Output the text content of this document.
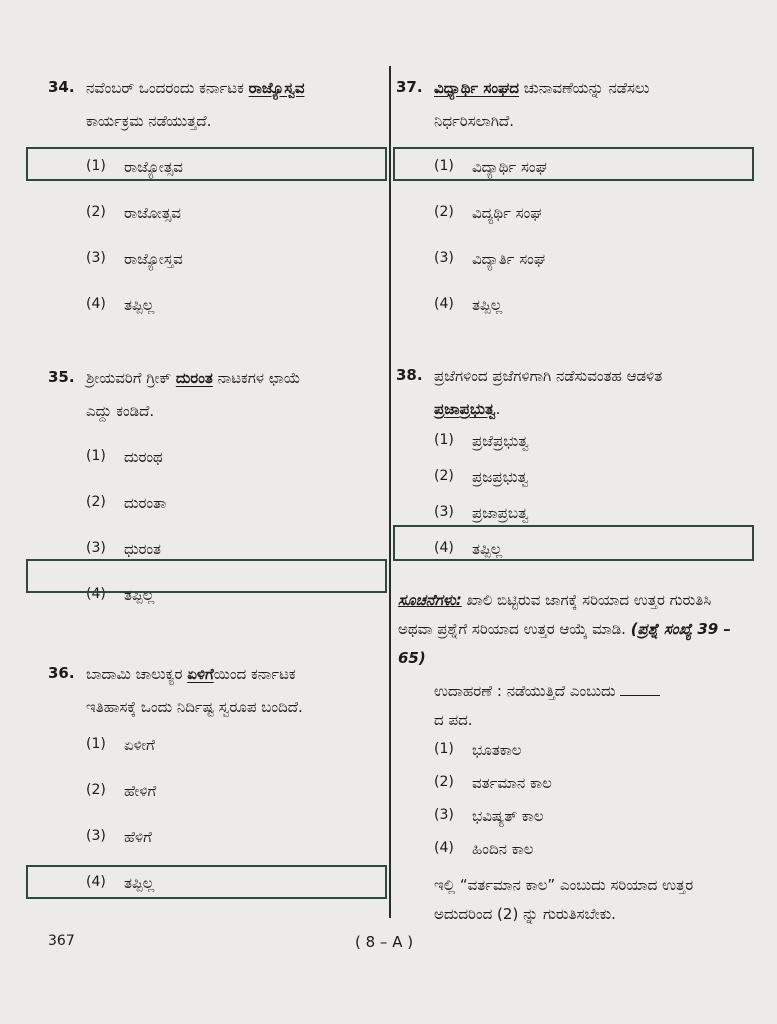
34. ನವೆಂಬರ್ ಒಂದರಂದು ಕರ್ನಾಟಕ ರಾಜ್ಯೊಸ್ವವ
ಕಾರ್ಯಕ್ರಮ ನಡೆಯುತ್ತದೆ.
(1) ರಾಜ್ಯೋತ್ಸವ
(2) ರಾಜೋತ್ಸವ
(3) ರಾಜ್ಯೋಸ್ತವ
(4) ತಪ್ಪಿಲ್ಲ
35. ಶ್ರೀಯವರಿಗೆ ಗ್ರೀಕ್ ದುರಂತ ನಾಟಕಗಳ ಛಾಯೆ
ಎದ್ದು ಕಂಡಿದೆ.
(1) ದುರಂಥ
(2) ದುರಂತಾ
(3) ಧುರಂತ
(4) ತಪ್ಪಿಲ್ಲ
36. ಬಾದಾಮಿ ಚಾಲುಕ್ಯರ ಏಳಿಗೆಯಿಂದ ಕರ್ನಾಟಕ
ಇತಿಹಾಸಕ್ಕೆ ಒಂದು ನಿರ್ದಿಷ್ಟ ಸ್ವರೂಪ ಬಂದಿದೆ.
(1) ಏಳೀಗೆ
(2) ಹೇಳಿಗೆ
(3) ಹೆಳಿಗೆ
(4) ತಪ್ಪಿಲ್ಲ
37. ವಿಧ್ಯಾರ್ಥಿ ಸಂಘದ ಚುನಾವಣೆಯನ್ನು ನಡೆಸಲು
ನಿರ್ಧರಿಸಲಾಗಿದೆ.
(1) ವಿದ್ಯಾರ್ಥಿ ಸಂಘ
(2) ವಿದ್ಯರ್ಥಿ ಸಂಘ
(3) ವಿದ್ಯಾರ್ತಿ ಸಂಘ
(4) ತಪ್ಪಿಲ್ಲ
38. ಪ್ರಜೆಗಳಿಂದ ಪ್ರಜೆಗಳಿಗಾಗಿ ನಡೆಸುವಂತಹ ಆಡಳಿತ
ಪ್ರಜಾಪ್ರಭುತ್ವ.
(1) ಪ್ರಜೆಪ್ರಭುತ್ವ
(2) ಪ್ರಜಪ್ರಭುತ್ವ
(3) ಪ್ರಜಾಪ್ರಬತ್ವ
(4) ತಪ್ಪಿಲ್ಲ
ಸೂಚನೆಗಳು: ಖಾಲಿ ಬಿಟ್ಟಿರುವ ಜಾಗಕ್ಕೆ ಸರಿಯಾದ ಉತ್ತರ ಗುರುತಿಸಿ ಅಥವಾ ಪ್ರಶ್ನೆಗೆ ಸರಿಯಾದ ಉತ್ತರ ಆಯ್ಕೆ ಮಾಡಿ. (ಪ್ರಶ್ನೆ ಸಂಖ್ಯೆ 39 – 65)
ಉದಾಹರಣೆ : ನಡೆಯುತ್ತಿದೆ ಎಂಬುದು
ದ ಪದ.
(1) ಭೂತಕಾಲ
(2) ವರ್ತಮಾನ ಕಾಲ
(3) ಭವಿಷ್ಯತ್ ಕಾಲ
(4) ಹಿಂದಿನ ಕಾಲ
ಇಲ್ಲಿ “ವರ್ತಮಾನ ಕಾಲ” ಎಂಬುದು ಸರಿಯಾದ ಉತ್ತರ ಅದುದರಿಂದ (2) ನ್ನು ಗುರುತಿಸಬೇಕು.
367	( 8 – A )
